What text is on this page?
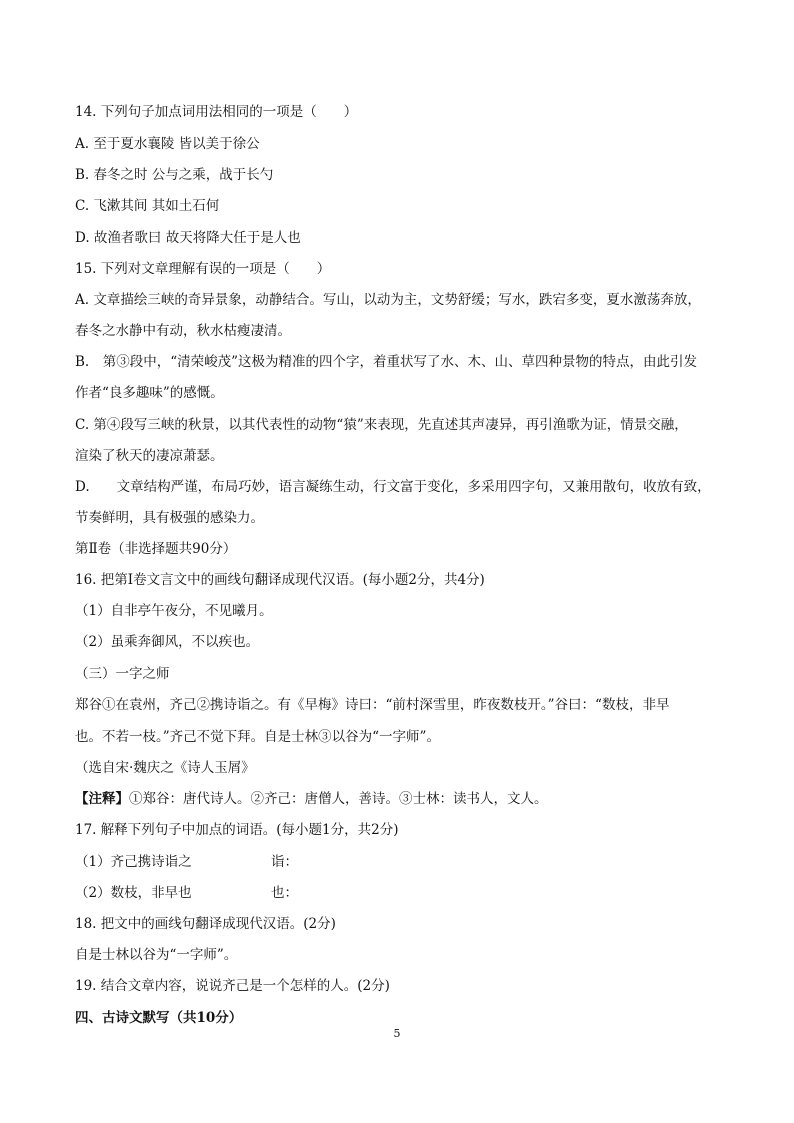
14. 下列句子加点词用法相同的一项是（　　）
A. 至于夏水襄陵 皆以美于徐公
B. 春冬之时 公与之乘，战于长勺
C. 飞漱其间 其如土石何
D. 故渔者歌曰 故天将降大任于是人也
15. 下列对文章理解有误的一项是（　　）
A. 文章描绘三峡的奇异景象，动静结合。写山，以动为主，文势舒缓；写水，跌宕多变，夏水激荡奔放，
春冬之水静中有动，秋水枯瘦凄清。
B.　第③段中，“清荣峻茂”这极为精准的四个字，着重状写了水、木、山、草四种景物的特点，由此引发
作者“良多趣味”的感慨。
C. 第④段写三峡的秋景，以其代表性的动物“猿”来表现，先直述其声凄异，再引渔歌为证，情景交融，
渲染了秋天的凄凉萧瑟。
D.　　文章结构严谨，布局巧妙，语言凝练生动，行文富于变化，多采用四字句，又兼用散句，收放有致，
节奏鲜明，具有极强的感染力。
第Ⅱ卷（非选择题共90分）
16. 把第Ⅰ卷文言文中的画线句翻译成现代汉语。(每小题2分，共4分)
（1）自非亭午夜分，不见曦月。
（2）虽乘奔御风，不以疾也。
（三）一字之师
郑谷①在袁州，齐己②携诗诣之。有《早梅》诗曰：“前村深雪里，昨夜数枝开。”谷曰：“数枝，非早
也。不若一枝。”齐己不觉下拜。自是士林③以谷为“一字师”。
（选自宋·魏庆之《诗人玉屑》
【注释】①郑谷：唐代诗人。②齐己：唐僧人，善诗。③士林：读书人，文人。
17. 解释下列句子中加点的词语。(每小题1分，共2分)
（1）齐己携诗诣之	诣：
（2）数枝，非早也	也：
18. 把文中的画线句翻译成现代汉语。(2分)
自是士林以谷为“一字师”。
19. 结合文章内容，说说齐己是一个怎样的人。(2分)
四、古诗文默写（共10分）
5
